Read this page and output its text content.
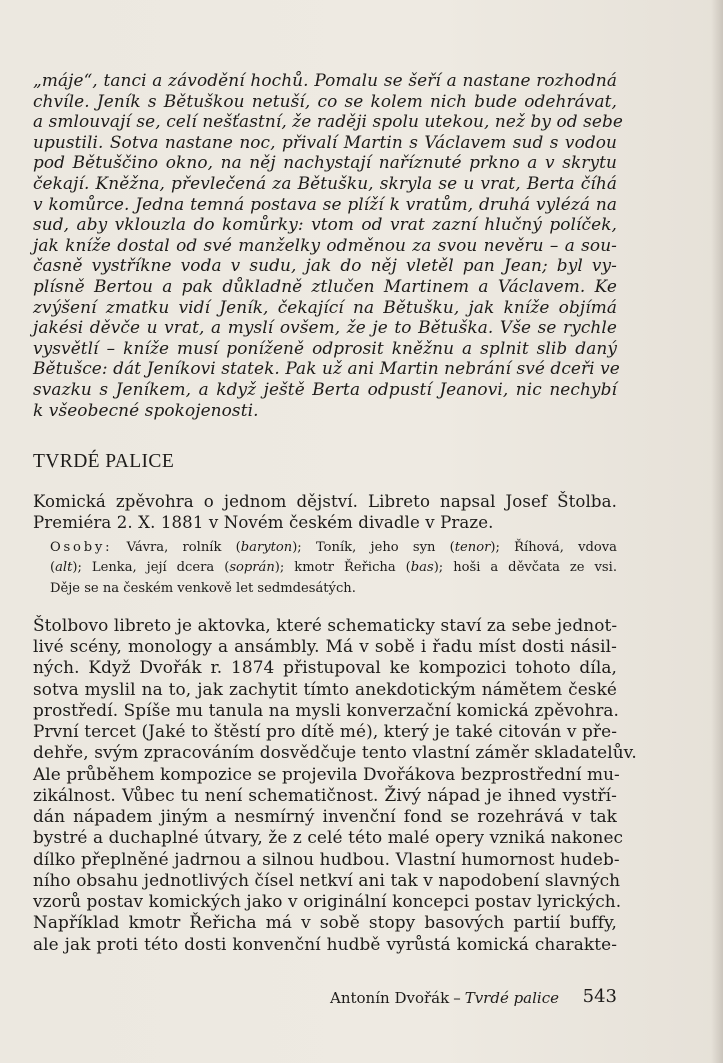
„máje“, tanci a závodění hochů. Pomalu se šeří a nastane rozhodná
chvíle. Jeník s Bětuškou netuší, co se kolem nich bude odehrávat,
a smlouvají se, celí nešťastní, že raději spolu utekou, než by od sebe
upustili. Sotva nastane noc, přivalí Martin s Václavem sud s vodou
pod Bětuščino okno, na něj nachystají naříznuté prkno a v skrytu
čekají. Kněžna, převlečená za Bětušku, skryla se u vrat, Berta číhá
v komůrce. Jedna temná postava se plíží k vratům, druhá vylézá na
sud, aby vklouzla do komůrky: vtom od vrat zazní hlučný políček,
jak kníže dostal od své manželky odměnou za svou nevěru – a sou-
časně vystříkne voda v sudu, jak do něj vletěl pan Jean; byl vy-
plísně Bertou a pak důkladně ztlučen Martinem a Václavem. Ke
zvýšení zmatku vidí Jeník, čekající na Bětušku, jak kníže objímá
jakési děvče u vrat, a myslí ovšem, že je to Bětuška. Vše se rychle
vysvětlí – kníže musí poníženě odprosit kněžnu a splnit slib daný
Bětušce: dát Jeníkovi statek. Pak už ani Martin nebrání své dceři ve
svazku s Jeníkem, a když ještě Berta odpustí Jeanovi, nic nechybí
k všeobecné spokojenosti.
TVRDÉ PALICE
Komická zpěvohra o jednom dějství. Libreto napsal Josef Štolba.
Premiéra 2. X. 1881 v Novém českém divadle v Praze.
Osoby: Vávra, rolník (baryton); Toník, jeho syn (tenor); Říhová, vdova
(alt); Lenka, její dcera (soprán); kmotr Řeřicha (bas); hoši a děvčata ze vsi.
Děje se na českém venkově let sedmdesátých.
Štolbovo libreto je aktovka, které schematicky staví za sebe jednot-
livé scény, monology a ansámbly. Má v sobě i řadu míst dosti násil-
ných. Když Dvořák r. 1874 přistupoval ke kompozici tohoto díla,
sotva myslil na to, jak zachytit tímto anekdotickým námětem české
prostředí. Spíše mu tanula na mysli konverzační komická zpěvohra.
První tercet (Jaké to štěstí pro dítě mé), který je také citován v pře-
dehře, svým zpracováním dosvědčuje tento vlastní záměr skladatelův.
Ale průběhem kompozice se projevila Dvořákova bezprostřední mu-
zikálnost. Vůbec tu není schematičnost. Živý nápad je ihned vystří-
dán nápadem jiným a nesmírný invenční fond se rozehrává v tak
bystré a duchaplné útvary, že z celé této malé opery vzniká nakonec
dílko přeplněné jadrnou a silnou hudbou. Vlastní humornost hudeb-
ního obsahu jednotlivých čísel netkví ani tak v napodobení slavných
vzorů postav komických jako v originální koncepci postav lyrických.
Například kmotr Řeřicha má v sobě stopy basových partií buffy,
ale jak proti této dosti konvenční hudbě vyrůstá komická charakte-
Antonín Dvořák – Tvrdé palice 543
